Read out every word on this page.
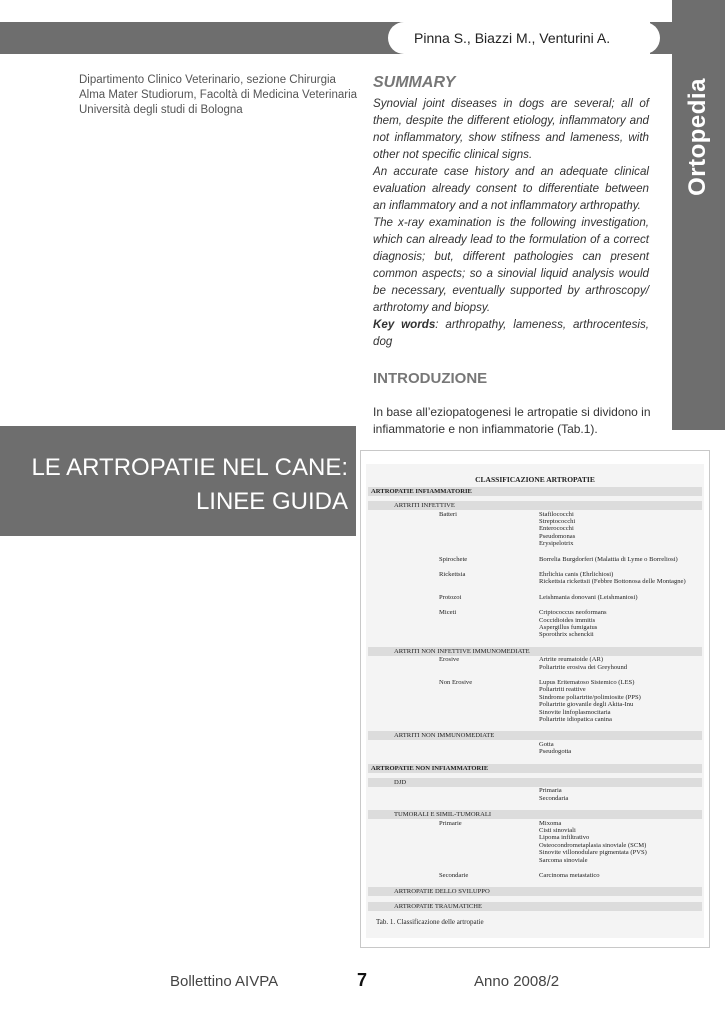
Pinna S., Biazzi M., Venturini A.
Ortopedia
Dipartimento Clinico Veterinario, sezione Chirurgia
Alma Mater Studiorum, Facoltà di Medicina Veterinaria
Università degli studi di Bologna
SUMMARY

Synovial joint diseases in dogs are several; all of them, despite the different etiology, inflammatory and not inflammatory, show stifness and lameness, with other not specific clinical signs.

An accurate case history and an adequate clinical evaluation already consent to differentiate between an inflammatory and a not inflammatory arthropathy.

The x-ray examination is the following investigation, which can already lead to the formulation of a correct diagnosis; but, different pathologies can present common aspects; so a sinovial liquid analysis would be necessary, eventually supported by arthroscopy/ arthrotomy and biopsy.

Key words: arthropathy, lameness, arthrocentesis, dog

INTRODUZIONE

In base all’eziopatogenesi le artropatie si dividono in infiammatorie e non infiammatorie (Tab.1).

LE ARTROPATIE NEL CANE:
LINEE GUIDA
CLASSIFICAZIONE ARTROPATIE
ARTROPATIE INFIAMMATORIE
ARTRITI INFETTIVE
Batteri	Stafilococchi
Streptococchi
Enterococchi
Pseudomonas
Erysipelotrix
Spirochete	Borrelia Burgdorferi (Malattia di Lyme o Borreliosi)
Rickettsia	Ehrlichia canis (Ehrlichiosi)
Rickettsia rickettsii (Febbre Bottonosa delle Montagne)
Protozoi	Leishmania donovani (Leishmaniosi)
Miceti	Criptococcus neoformans
Coccidioides immitis
Aspergillus fumigatus
Sporothrix schenckii
ARTRITI NON INFETTIVE IMMUNOMEDIATE
Erosive	Artrite reumatoide (AR)
Poliartrite erosiva dei Greyhound
Non Erosive	Lupus Eritematoso Sistemico (LES)
Poliartriti reattive
Sindrome poliartrite/polimiosite (PPS)
Poliartrite giovanile degli Akita-Inu
Sinovite linfoplasmocitaria
Poliartrite idiopatica canina
ARTRITI NON IMMUNOMEDIATE
Gotta
Pseudogotta
ARTROPATIE NON INFIAMMATORIE
DJD
Primaria
Secondaria
TUMORALI E SIMIL-TUMORALI
Primarie	Mixoma
Cisti sinoviali
Lipoma infiltrativo
Osteocondrometaplasia sinoviale (SCM)
Sinovite villonodulare pigmentata (PVS)
Sarcoma sinoviale
Secondarie	Carcinoma metastatico
ARTROPATIE DELLO SVILUPPO
ARTROPATIE TRAUMATICHE
Tab. 1. Classificazione delle artropatie
Bollettino AIVPA	7	Anno 2008/2
